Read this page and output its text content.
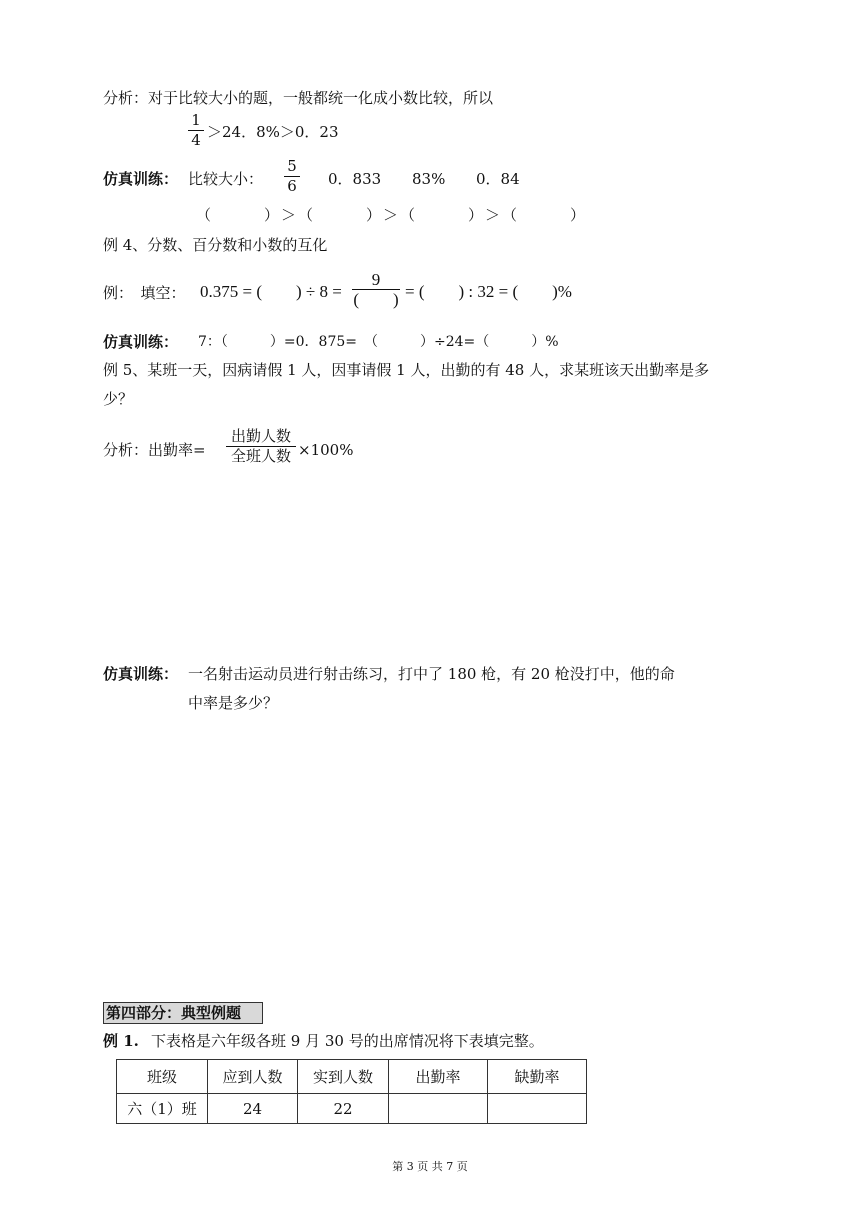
分析：对于比较大小的题，一般都统一化成小数比较，所以
1
4 ＞24．8%＞0．23
仿真训练： 比较大小：
5
6 0．833 83% 0．84
（　　　）＞（　　　）＞（　　　）＞（　　　）
例 4、分数、百分数和小数的互化
例：　填空： 0.375 = (　　) ÷ 8 =
9
(　　) = (　　) : 32 = (　　)%
仿真训练： 7：（　　　）=0．875=　（　　　）÷24=（　　　）%
例 5、某班一天，因病请假 1 人，因事请假 1 人，出勤的有 48 人，求某班该天出勤率是多
少？
分析：出勤率=
出勤人数
全班人数 ×100%
仿真训练： 一名射击运动员进行射击练习，打中了 180 枪，有 20 枪没打中，他的命
中率是多少？
第四部分：典型例题
例 1. 下表格是六年级各班 9 月 30 号的出席情况将下表填完整。
班级	应到人数	实到人数	出勤率	缺勤率
六（1）班	24	22		
第 3 页 共 7 页
